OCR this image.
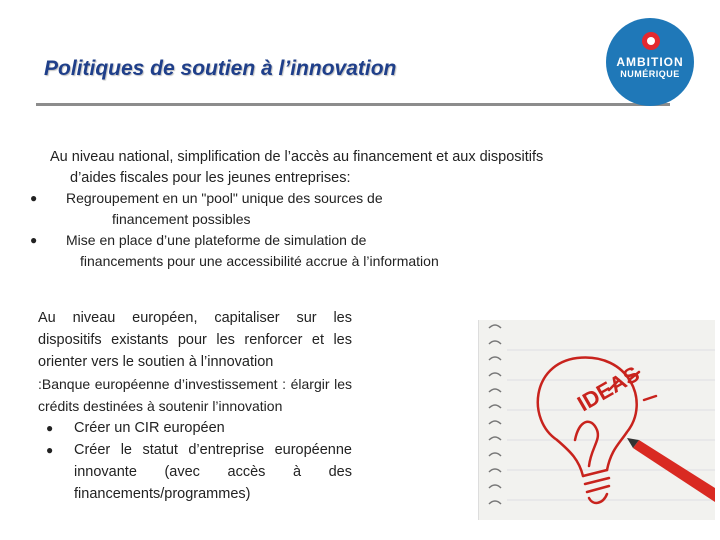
Politiques de soutien à l’innovation	AMBITION
NUMÉRIQUE
Au niveau national, simplification de l’accès au financement et aux dispositifs
d’aides fiscales pour les jeunes entreprises:
●	Regroupement en un "pool" unique des sources de
financement possibles
●	Mise en place d’une plateforme de simulation de
financements pour une accessibilité accrue à l’information
Au niveau européen, capitaliser sur les dispositifs existants pour les renforcer et les orienter vers le soutien à l’innovation
:Banque européenne d’investissement : élargir les crédits destinées à soutenir l’innovation
● Créer un CIR européen
● Créer le statut d’entreprise européenne innovante (avec accès à des financements/programmes)
IDEAS
